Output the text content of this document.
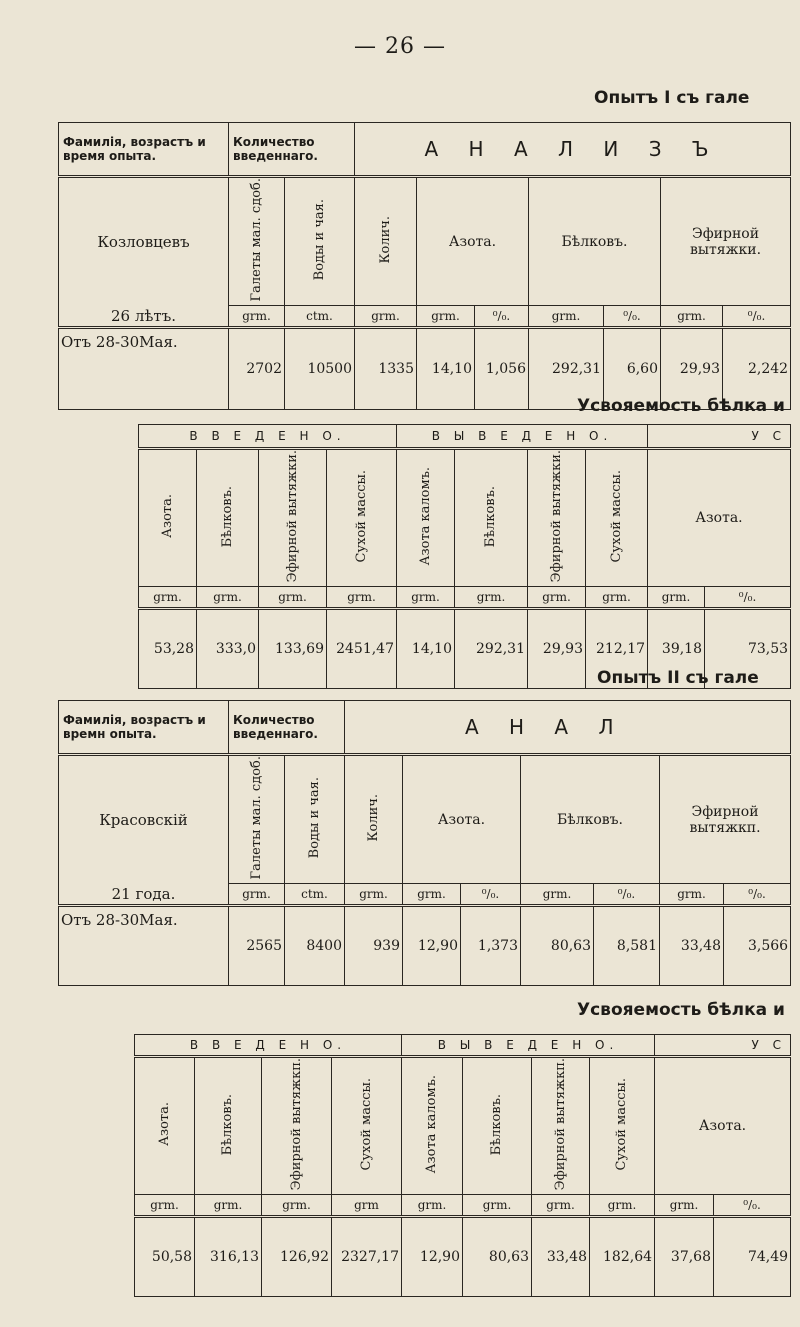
— 26 —
Опытъ I съ гале
Фамилія, возрастъ и время опыта.	Количество введеннаго.		А Н А Л И З Ъ						
Козловцевъ	Галеты мал. сдоб.	Воды и чая.	Колич.	Азота.		Бѣлковъ.		Эфирной вытяжки.	
26 лѣтъ.	grm.	ctm.	grm.	grm.	⁰/₀.	grm.	⁰/₀.	grm.	⁰/₀.
Отъ 28-30Мая.	2702	10500	1335	14,10	1,056	292,31	6,60	29,93	2,242
Усвояемость бѣлка и
В В Е Д Е Н О.				В Ы В Е Д Е Н О.				У С	
Азота.	Бѣлковъ.	Эфирной вытяжки.	Сухой массы.	Азота каломъ.	Бѣлковъ.	Эфирной вытяжки.	Сухой массы.	Азота.	
grm.	grm.	grm.	grm.	grm.	grm.	grm.	grm.	grm.	⁰/₀.
53,28	333,0	133,69	2451,47	14,10	292,31	29,93	212,17	39,18	73,53
Опытъ II съ гале
Фамилія, возрастъ и времн опыта.	Количество введеннаго.		А Н А Л						
Красовскій	Галеты мал. сдоб.	Воды и чая.	Колич.	Азота.		Бѣлковъ.		Эфирной вытяжкп.	
21 года.	grm.	ctm.	grm.	grm.	⁰/₀.	grm.	⁰/₀.	grm.	⁰/₀.
Отъ 28-30Мая.	2565	8400	939	12,90	1,373	80,63	8,581	33,48	3,566
Усвояемость бѣлка и
В В Е Д Е Н О.				В Ы В Е Д Е Н О.				У С	
Азота.	Бѣлковъ.	Эфирной вытяжкп.	Сухой массы.	Азота каломъ.	Бѣлковъ.	Эфирной вытяжкп.	Сухой массы.	Азота.	
grm.	grm.	grm.	grm	grm.	grm.	grm.	grm.	grm.	⁰/₀.
50,58	316,13	126,92	2327,17	12,90	80,63	33,48	182,64	37,68	74,49
